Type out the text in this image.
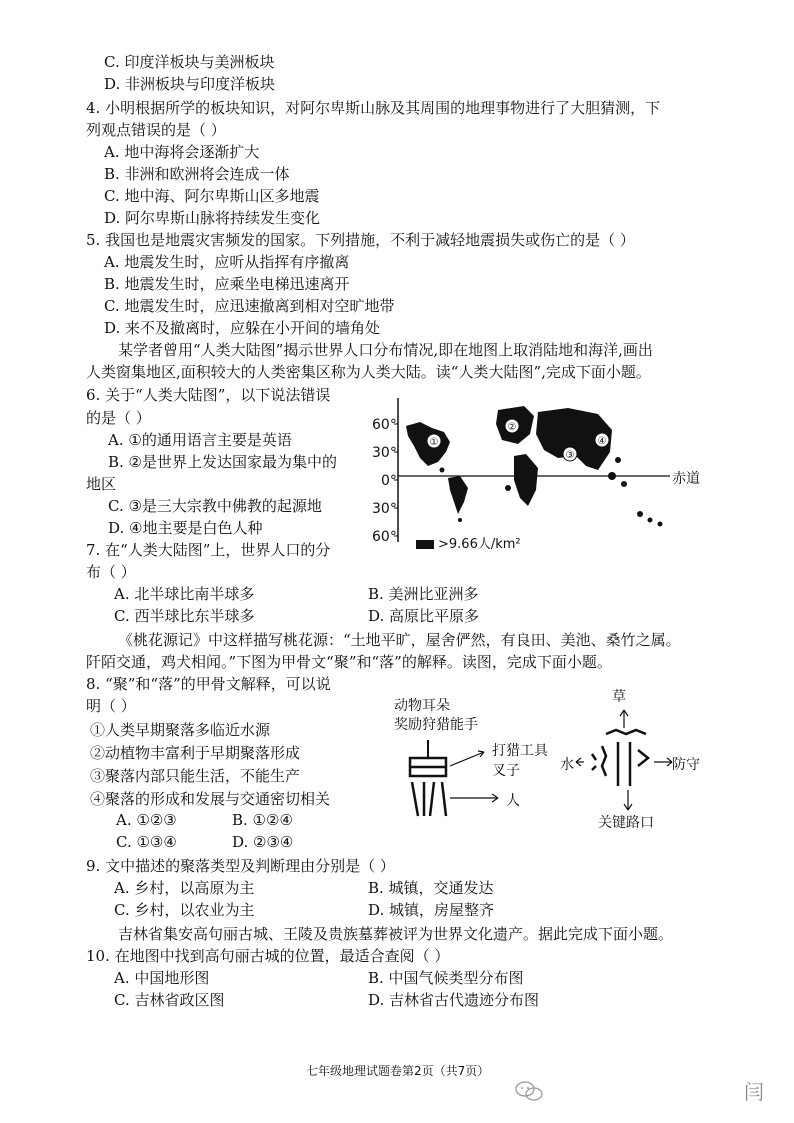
C. 印度洋板块与美洲板块
D. 非洲板块与印度洋板块
4. 小明根据所学的板块知识，对阿尔卑斯山脉及其周围的地理事物进行了大胆猜测，下
列观点错误的是（ ）
A. 地中海将会逐渐扩大
B. 非洲和欧洲将会连成一体
C. 地中海、阿尔卑斯山区多地震
D. 阿尔卑斯山脉将持续发生变化
5. 我国也是地震灾害频发的国家。下列措施，不利于减轻地震损失或伤亡的是（ ）
A. 地震发生时，应听从指挥有序撤离
B. 地震发生时，应乘坐电梯迅速离开
C. 地震发生时，应迅速撤离到相对空旷地带
D. 来不及撤离时，应躲在小开间的墙角处
某学者曾用“人类大陆图”揭示世界人口分布情况,即在地图上取消陆地和海洋,画出
人类窗集地区,面积较大的人类密集区称为人类大陆。读“人类大陆图”,完成下面小题。
6. 关于“人类大陆图”，以下说法错误
的是（ ）
A. ①的通用语言主要是英语
B. ②是世界上发达国家最为集中的
地区
C. ③是三大宗教中佛教的起源地
D. ④地主要是白色人种
60°
30°
0°
30°
60°
赤道
①
②
③
④
>9.66人/km²
7. 在“人类大陆图”上，世界人口的分
布（ ）
A. 北半球比南半球多	B. 美洲比亚洲多
C. 西半球比东半球多	D. 高原比平原多
《桃花源记》中这样描写桃花源：“土地平旷，屋舍俨然，有良田、美池、桑竹之属。
阡陌交通，鸡犬相闻。”下图为甲骨文“聚”和“落”的解释。读图，完成下面小题。
8. “聚”和“落”的甲骨文解释，可以说
明（ ）
①人类早期聚落多临近水源
②动植物丰富利于早期聚落形成
③聚落内部只能生活，不能生产
④聚落的形成和发展与交通密切相关
A. ①②③	B. ①②④
C. ①③④	D. ②③④
动物耳朵
奖励狩猎能手
打猎工具
叉子
人
草
水	防守
关键路口
9. 文中描述的聚落类型及判断理由分别是（ ）
A. 乡村，以高原为主	B. 城镇，交通发达
C. 乡村，以农业为主	D. 城镇，房屋整齐
吉林省集安高句丽古城、王陵及贵族墓葬被评为世界文化遗产。据此完成下面小题。
10. 在地图中找到高句丽古城的位置，最适合查阅（ ）
A. 中国地形图	B. 中国气候类型分布图
C. 吉林省政区图	D. 吉林省古代遗迹分布图
七年级地理试题卷第2页（共7页）
闫
